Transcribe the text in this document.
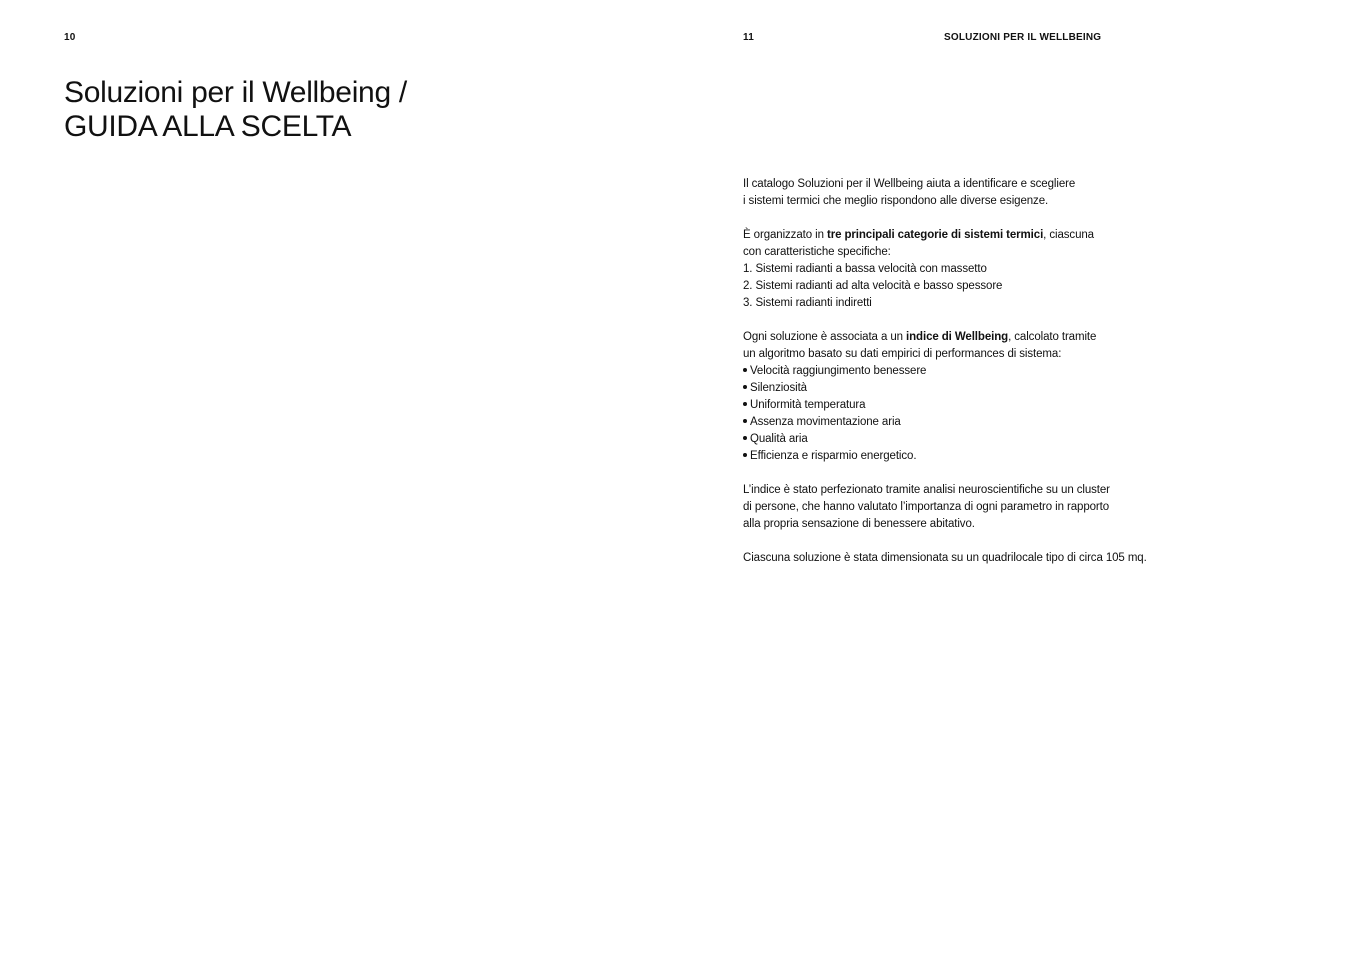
10
Soluzioni per il Wellbeing /
GUIDA ALLA SCELTA
11	SOLUZIONI PER IL WELLBEING

Il catalogo Soluzioni per il Wellbeing aiuta a identificare e scegliere
i sistemi termici che meglio rispondono alle diverse esigenze.

È organizzato in tre principali categorie di sistemi termici, ciascuna
con caratteristiche specifiche:
1. Sistemi radianti a bassa velocità con massetto
2. Sistemi radianti ad alta velocità e basso spessore
3. Sistemi radianti indiretti
Ogni soluzione è associata a un indice di Wellbeing, calcolato tramite
un algoritmo basato su dati empirici di performances di sistema:
Velocità raggiungimento benessere
Silenziosità
Uniformità temperatura
Assenza movimentazione aria
Qualità aria
Efficienza e risparmio energetico.

L’indice è stato perfezionato tramite analisi neuroscientifiche su un cluster
di persone, che hanno valutato l’importanza di ogni parametro in rapporto
alla propria sensazione di benessere abitativo.

Ciascuna soluzione è stata dimensionata su un quadrilocale tipo di circa 105 mq.
